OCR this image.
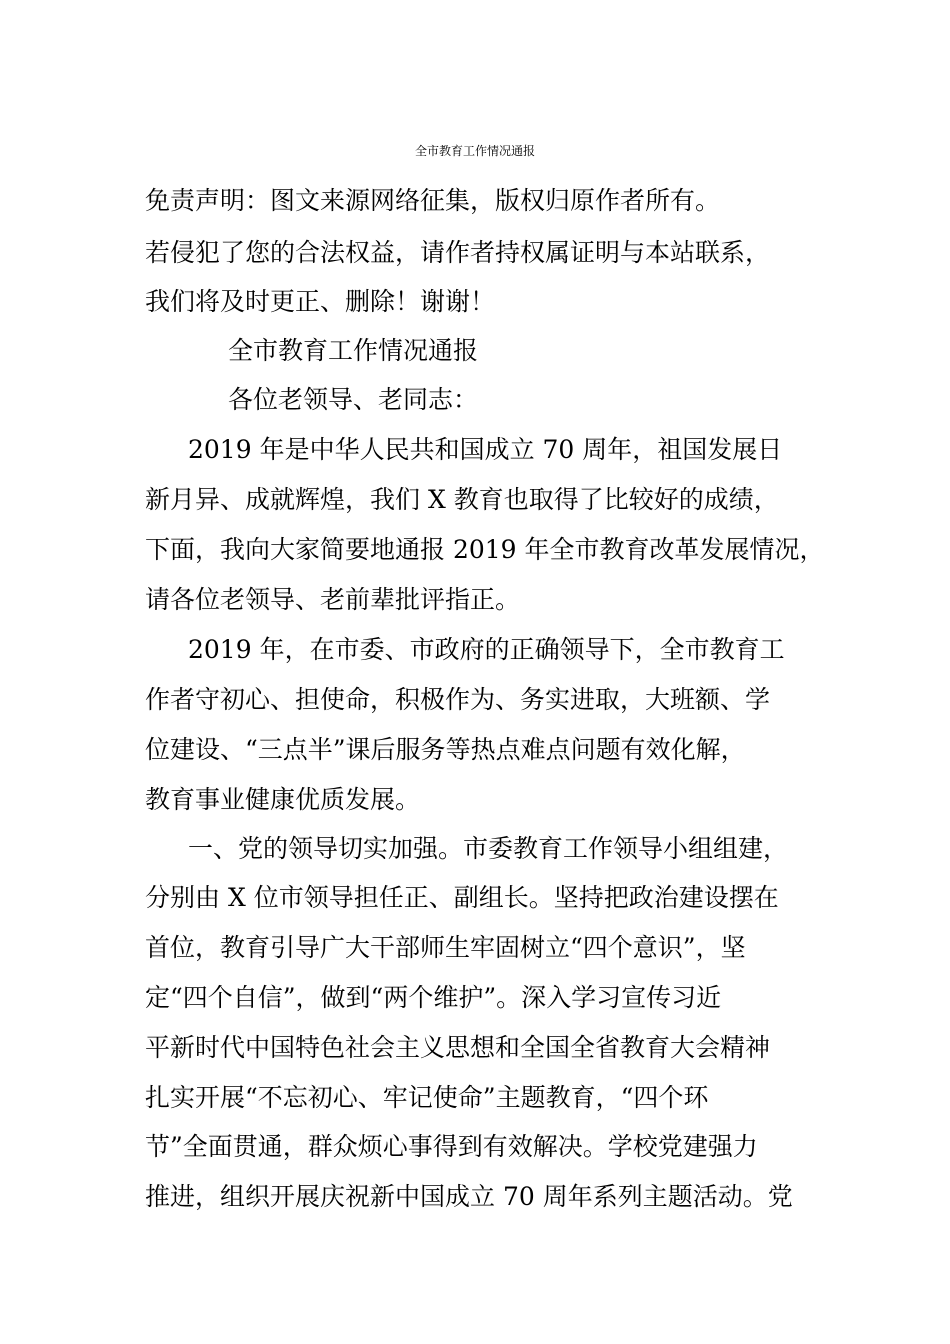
全市教育工作情况通报
免责声明：图文来源网络征集，版权归原作者所有。
若侵犯了您的合法权益，请作者持权属证明与本站联系，
我们将及时更正、删除！谢谢！
全市教育工作情况通报
各位老领导、老同志：
2019 年是中华人民共和国成立 70 周年，祖国发展日
新月异、成就辉煌，我们 X 教育也取得了比较好的成绩，
下面，我向大家简要地通报 2019 年全市教育改革发展情况，
请各位老领导、老前辈批评指正。
2019 年，在市委、市政府的正确领导下，全市教育工
作者守初心、担使命，积极作为、务实进取，大班额、学
位建设、“三点半”课后服务等热点难点问题有效化解，
教育事业健康优质发展。
一、党的领导切实加强。市委教育工作领导小组组建，
分别由 X 位市领导担任正、副组长。坚持把政治建设摆在
首位，教育引导广大干部师生牢固树立“四个意识”，坚
定“四个自信”，做到“两个维护”。深入学习宣传习近
平新时代中国特色社会主义思想和全国全省教育大会精神
扎实开展“不忘初心、牢记使命”主题教育，“四个环
节”全面贯通，群众烦心事得到有效解决。学校党建强力
推进，组织开展庆祝新中国成立 70 周年系列主题活动。党
